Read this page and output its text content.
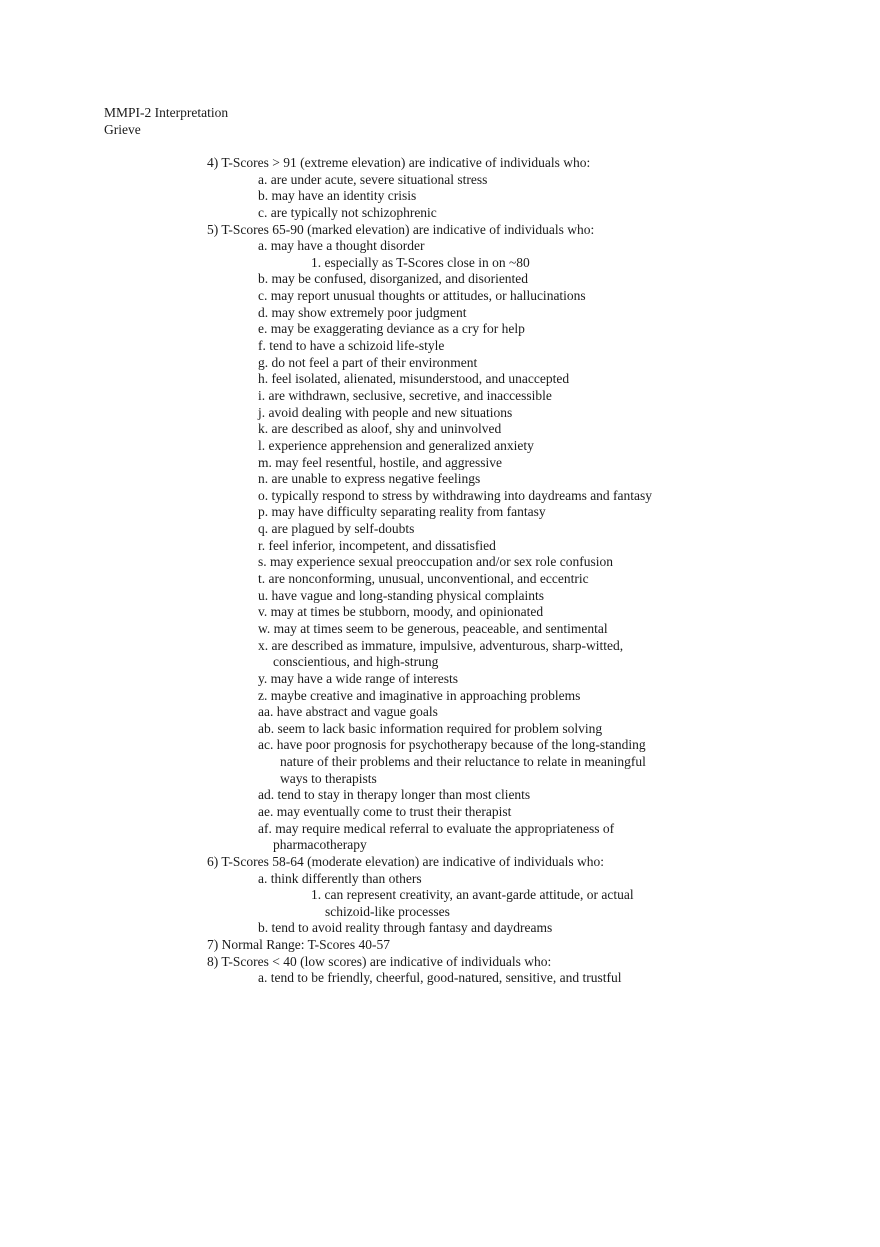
MMPI-2 Interpretation
Grieve
4) T-Scores > 91 (extreme elevation) are indicative of individuals who:
a. are under acute, severe situational stress
b. may have an identity crisis
c. are typically not schizophrenic
5) T-Scores 65-90 (marked elevation) are indicative of individuals who:
a. may have a thought disorder
1. especially as T-Scores close in on ~80
b. may be confused, disorganized, and disoriented
c. may report unusual thoughts or attitudes, or hallucinations
d. may show extremely poor judgment
e. may be exaggerating deviance as a cry for help
f. tend to have a schizoid life-style
g. do not feel a part of their environment
h. feel isolated, alienated, misunderstood, and unaccepted
i. are withdrawn, seclusive, secretive, and inaccessible
j. avoid dealing with people and new situations
k. are described as aloof, shy and uninvolved
l. experience apprehension and generalized anxiety
m. may feel resentful, hostile, and aggressive
n. are unable to express negative feelings
o. typically respond to stress by withdrawing into daydreams and fantasy
p. may have difficulty separating reality from fantasy
q. are plagued by self-doubts
r. feel inferior, incompetent, and dissatisfied
s. may experience sexual preoccupation and/or sex role confusion
t. are nonconforming, unusual, unconventional, and eccentric
u. have vague and long-standing physical complaints
v. may at times be stubborn, moody, and opinionated
w. may at times seem to be generous, peaceable, and sentimental
x. are described as immature, impulsive, adventurous, sharp-witted,
conscientious, and high-strung
y. may have a wide range of interests
z. maybe creative and imaginative in approaching problems
aa. have abstract and vague goals
ab. seem to lack basic information required for problem solving
ac. have poor prognosis for psychotherapy because of the long-standing
nature of their problems and their reluctance to relate in meaningful
ways to therapists
ad. tend to stay in therapy longer than most clients
ae. may eventually come to trust their therapist
af. may require medical referral to evaluate the appropriateness of
pharmacotherapy
6) T-Scores 58-64 (moderate elevation) are indicative of individuals who:
a. think differently than others
1. can represent creativity, an avant-garde attitude, or actual
schizoid-like processes
b. tend to avoid reality through fantasy and daydreams
7) Normal Range: T-Scores 40-57
8) T-Scores < 40 (low scores) are indicative of individuals who:
a. tend to be friendly, cheerful, good-natured, sensitive, and trustful
